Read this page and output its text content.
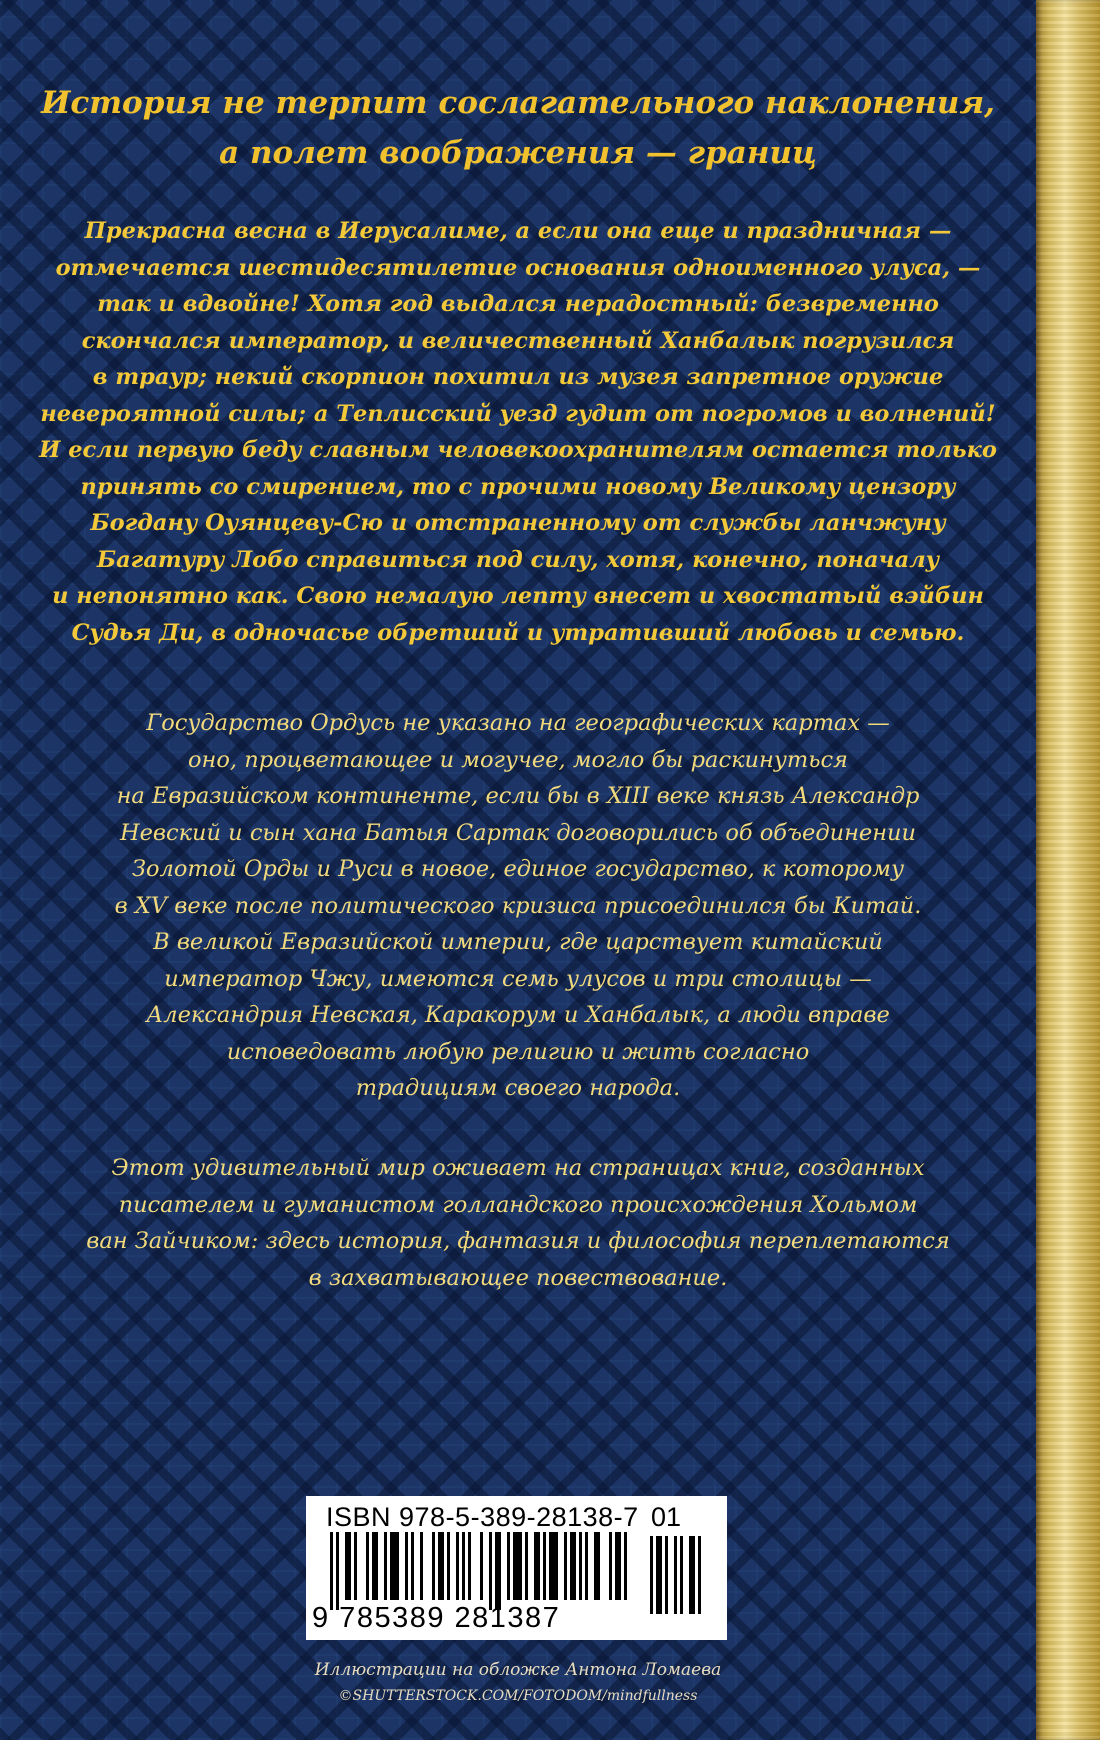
История не терпит сослагательного наклонения,
а полет воображения — границ

Прекрасна весна в Иерусалиме, а если она еще и праздничная —
отмечается шестидесятилетие основания одноименного улуса, —
так и вдвойне! Хотя год выдался нерадостный: безвременно
скончался император, и величественный Ханбалык погрузился
в траур; некий скорпион похитил из музея запретное оружие
невероятной силы; а Теплисский уезд гудит от погромов и волнений!
И если первую беду славным человекоохранителям остается только
принять со смирением, то с прочими новому Великому цензору
Богдану Оуянцеву-Сю и отстраненному от службы ланчжуну
Багатуру Лобо справиться под силу, хотя, конечно, поначалу
и непонятно как. Свою немалую лепту внесет и хвостатый вэйбин
Судья Ди, в одночасье обретший и утративший любовь и семью.

Государство Ордусь не указано на географических картах —
оно, процветающее и могучее, могло бы раскинуться
на Евразийском континенте, если бы в XIII веке князь Александр
Невский и сын хана Батыя Сартак договорились об объединении
Золотой Орды и Руси в новое, единое государство, к которому
в XV веке после политического кризиса присоединился бы Китай.
В великой Евразийской империи, где царствует китайский
император Чжу, имеются семь улусов и три столицы —
Александрия Невская, Каракорум и Ханбалык, а люди вправе
исповедовать любую религию и жить согласно
традициям своего народа.

Этот удивительный мир оживает на страницах книг, созданных
писателем и гуманистом голландского происхождения Хольмом
ван Зайчиком: здесь история, фантазия и философия переплетаются
в захватывающее повествование.

ISBN 978-5-389-28138-7 01
9 785389 281387
Иллюстрации на обложке Антона Ломаева
©SHUTTERSTOCK.COM/FOTODOM/mindfullness
